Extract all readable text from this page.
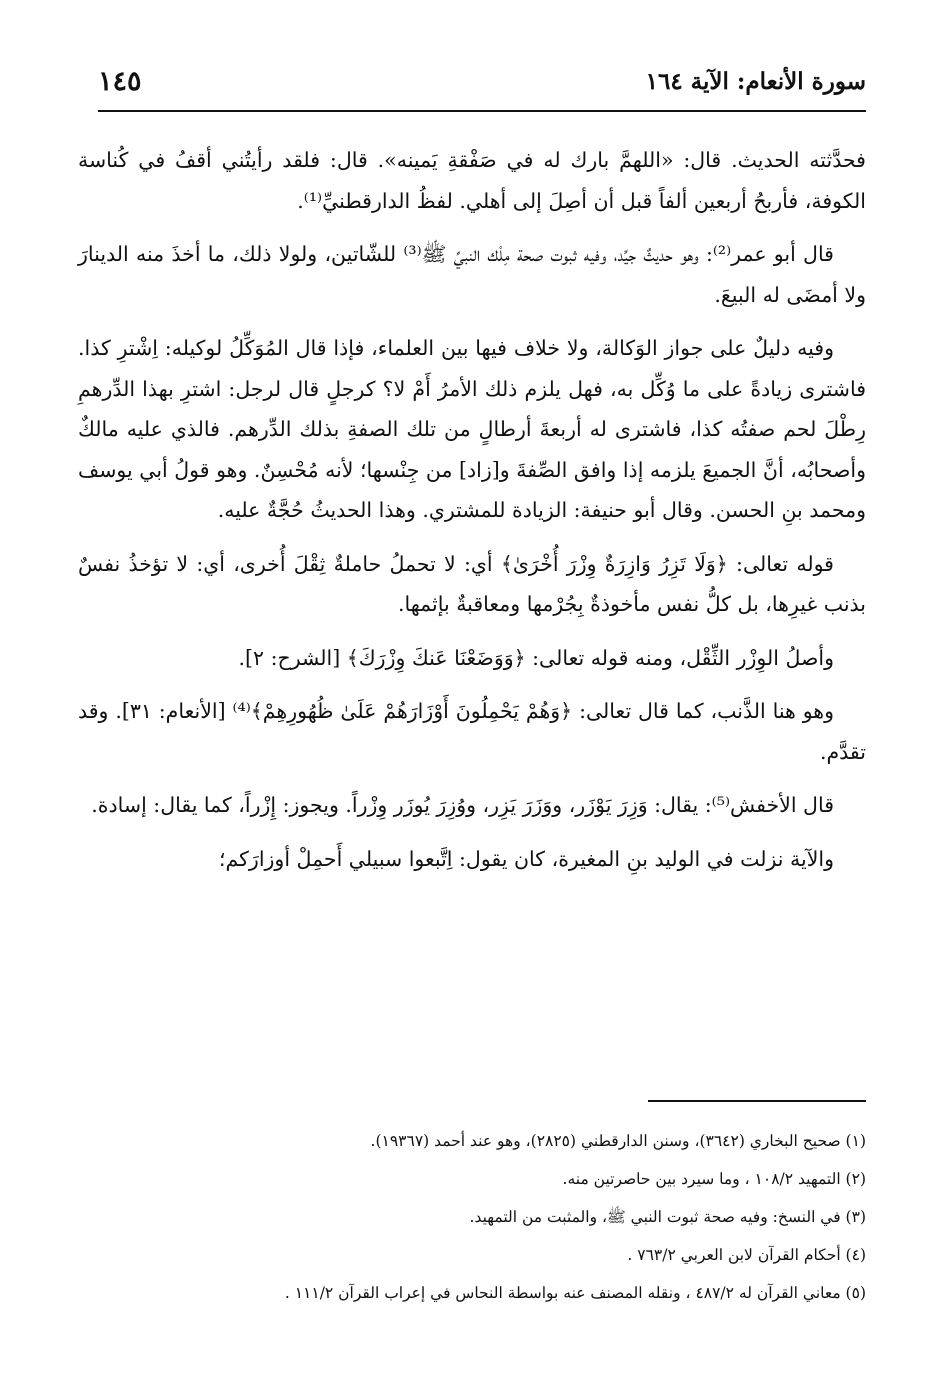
سورة الأنعام: الآية ١٦٤
١٤٥

فحدَّثته الحديث. قال: «اللهمَّ بارك له في صَفْقةِ يَمينه». قال: فلقد رأيتُني أقفُ في كُناسة الكوفة، فأربحُ أربعين ألفاً قبل أن أصِلَ إلى أهلي. لفظُ الدارقطنيِّ⁽¹⁾.

قال أبو عمر⁽²⁾: وهو حديثٌ جيِّد، وفيه ثبوت صحة مِلْك النبيِّ ﷺ⁽³⁾ للشّاتين، ولولا ذلك، ما أخذَ منه الدينارَ ولا أمضَى له البيعَ.

وفيه دليلٌ على جواز الوَكالة، ولا خلاف فيها بين العلماء، فإذا قال المُوَكِّلُ لوكيله: اِشْترِ كذا. فاشترى زيادةً على ما وُكِّل به، فهل يلزم ذلك الأمرُ أَمْ لا؟ كرجلٍ قال لرجل: اشترِ بهذا الدِّرهمِ رِطْلَ لحم صفتُه كذا، فاشترى له أربعةَ أرطالٍ من تلك الصفةِ بذلك الدِّرهم. فالذي عليه مالكٌ وأصحابُه، أنَّ الجميعَ يلزمه إذا وافق الصِّفةَ و[زاد] من جِنْسها؛ لأنه مُحْسِنٌ. وهو قولُ أبي يوسف ومحمد بنِ الحسن. وقال أبو حنيفة: الزيادة للمشتري. وهذا الحديثُ حُجَّةٌ عليه.

قوله تعالى: ﴿وَلَا تَزِرُ وَازِرَةٌ وِزْرَ أُخْرَىٰ﴾ أي: لا تحملُ حاملةٌ ثِقْلَ أُخرى، أي: لا تؤخذُ نفسٌ بذنب غيرِها، بل كلُّ نفس مأخوذةٌ بِجُرْمها ومعاقبةٌ بإثمها.

وأصلُ الوِزْر الثِّقْل، ومنه قوله تعالى: ﴿وَوَضَعْنَا عَنكَ وِزْرَكَ﴾ [الشرح: ٢].

وهو هنا الذَّنب، كما قال تعالى: ﴿وَهُمْ يَحْمِلُونَ أَوْزَارَهُمْ عَلَىٰ ظُهُورِهِمْ﴾⁽⁴⁾ [الأنعام: ٣١]. وقد تقدَّم.

قال الأخفش⁽⁵⁾: يقال: وَزِرَ يَوْزَر، ووَزَرَ يَزِر، ووُزِرَ يُوزَر وِزْراً. ويجوز: إِزْراً، كما يقال: إسادة.

والآية نزلت في الوليد بنِ المغيرة، كان يقول: اِتَّبعوا سبيلي أَحمِلْ أوزارَكم؛

(١) صحيح البخاري (٣٦٤٢)، وسنن الدارقطني (٢٨٢٥)، وهو عند أحمد (١٩٣٦٧).

(٢) التمهيد ١٠٨/٢ ، وما سيرد بين حاصرتين منه.

(٣) في النسخ: وفيه صحة ثبوت النبي ﷺ، والمثبت من التمهيد.

(٤) أحكام القرآن لابن العربي ٧٦٣/٢ .

(٥) معاني القرآن له ٤٨٧/٢ ، ونقله المصنف عنه بواسطة النحاس في إعراب القرآن ١١١/٢ .
